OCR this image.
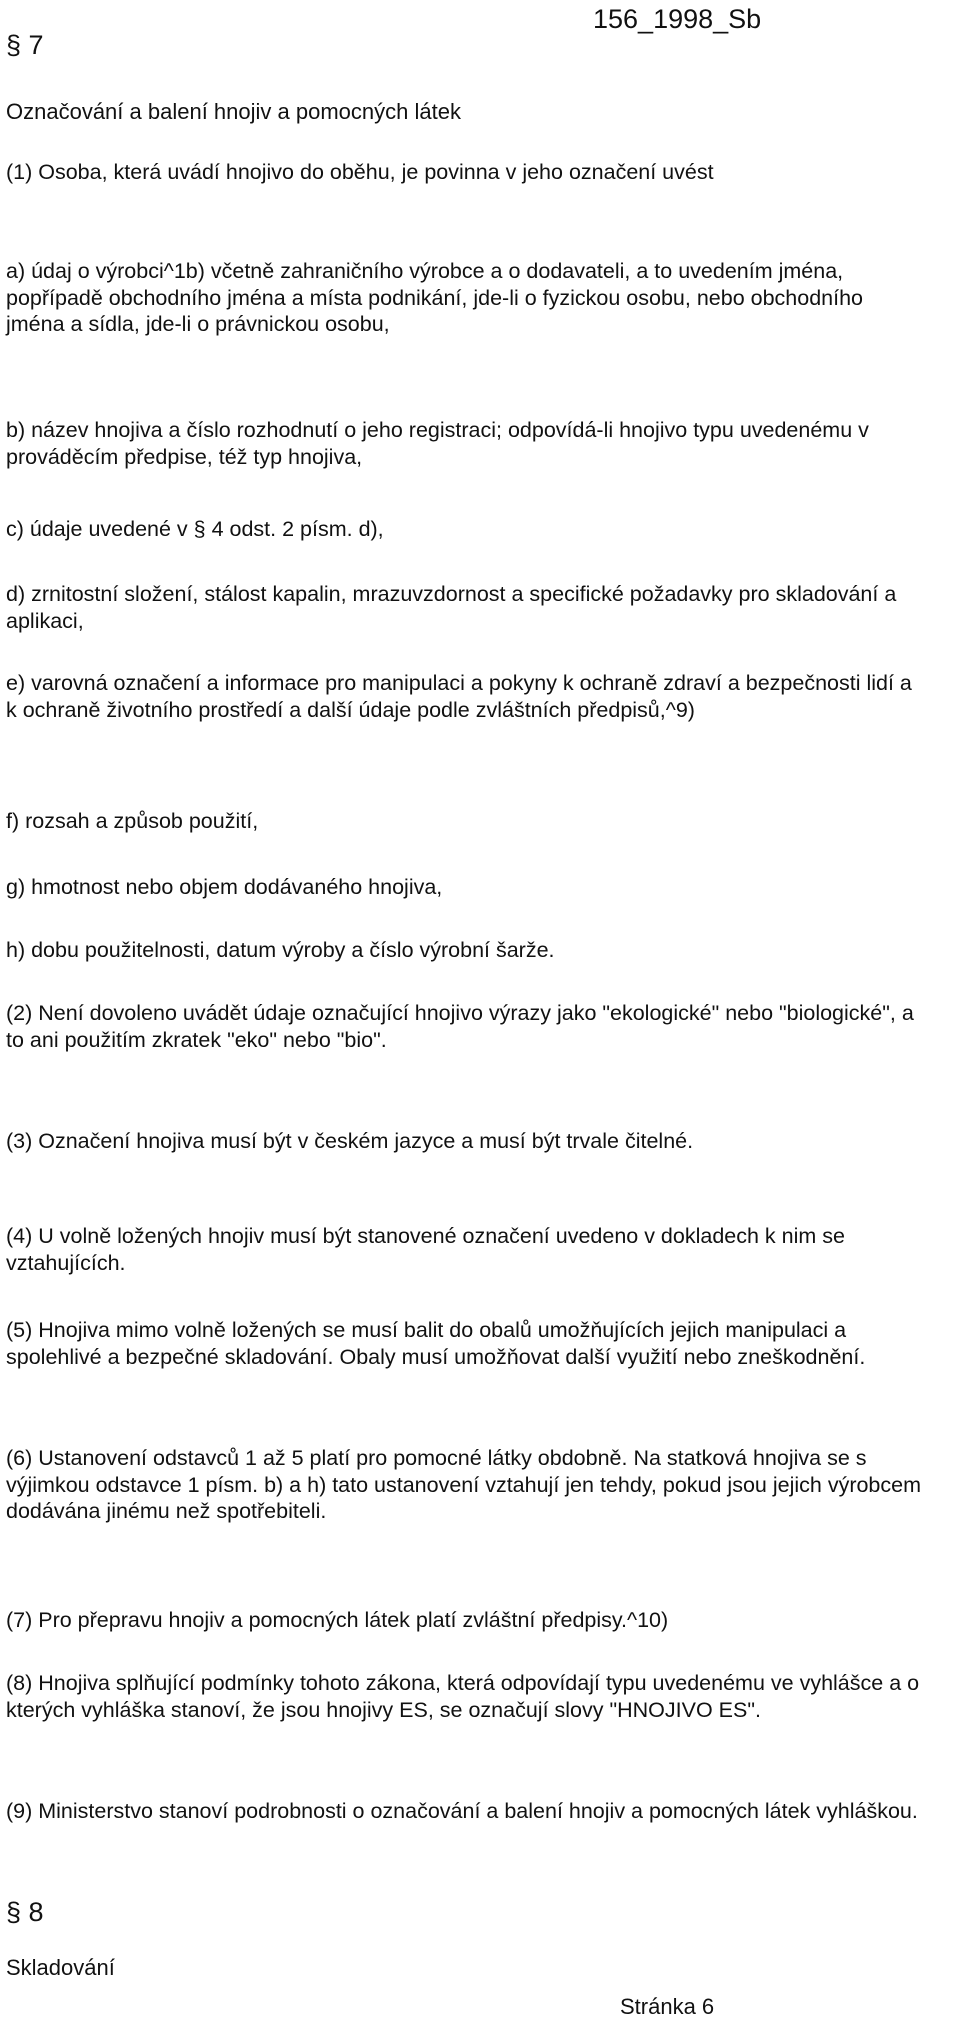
156_1998_Sb
§ 7
Označování a balení hnojiv a pomocných látek

(1) Osoba, která uvádí hnojivo do oběhu, je povinna v jeho označení uvést

a) údaj o výrobci^1b) včetně zahraničního výrobce a o dodavateli, a to uvedením jména, popřípadě obchodního jména a místa podnikání, jde-li o fyzickou osobu, nebo obchodního jména a sídla, jde-li o právnickou osobu,

b) název hnojiva a číslo rozhodnutí o jeho registraci; odpovídá-li hnojivo typu uvedenému v prováděcím předpise, též typ hnojiva,

c) údaje uvedené v § 4 odst. 2 písm. d),

d) zrnitostní složení, stálost kapalin, mrazuvzdornost a specifické požadavky pro skladování a aplikaci,

e) varovná označení a informace pro manipulaci a pokyny k ochraně zdraví a bezpečnosti lidí a k ochraně životního prostředí a další údaje podle zvláštních předpisů,^9)

f) rozsah a způsob použití,

g) hmotnost nebo objem dodávaného hnojiva,

h) dobu použitelnosti, datum výroby a číslo výrobní šarže.

(2) Není dovoleno uvádět údaje označující hnojivo výrazy jako "ekologické" nebo "biologické", a to ani použitím zkratek "eko" nebo "bio".

(3) Označení hnojiva musí být v českém jazyce a musí být trvale čitelné.

(4) U volně ložených hnojiv musí být stanovené označení uvedeno v dokladech k nim se vztahujících.

(5) Hnojiva mimo volně ložených se musí balit do obalů umožňujících jejich manipulaci a spolehlivé a bezpečné skladování. Obaly musí umožňovat další využití nebo zneškodnění.

(6) Ustanovení odstavců 1 až 5 platí pro pomocné látky obdobně. Na statková hnojiva se s výjimkou odstavce 1 písm. b) a h) tato ustanovení vztahují jen tehdy, pokud jsou jejich výrobcem dodávána jinému než spotřebiteli.

(7) Pro přepravu hnojiv a pomocných látek platí zvláštní předpisy.^10)

(8) Hnojiva splňující podmínky tohoto zákona, která odpovídají typu uvedenému ve vyhlášce a o kterých vyhláška stanoví, že jsou hnojivy ES, se označují slovy "HNOJIVO ES".

(9) Ministerstvo stanoví podrobnosti o označování a balení hnojiv a pomocných látek vyhláškou.

§ 8
Skladování
Stránka 6
